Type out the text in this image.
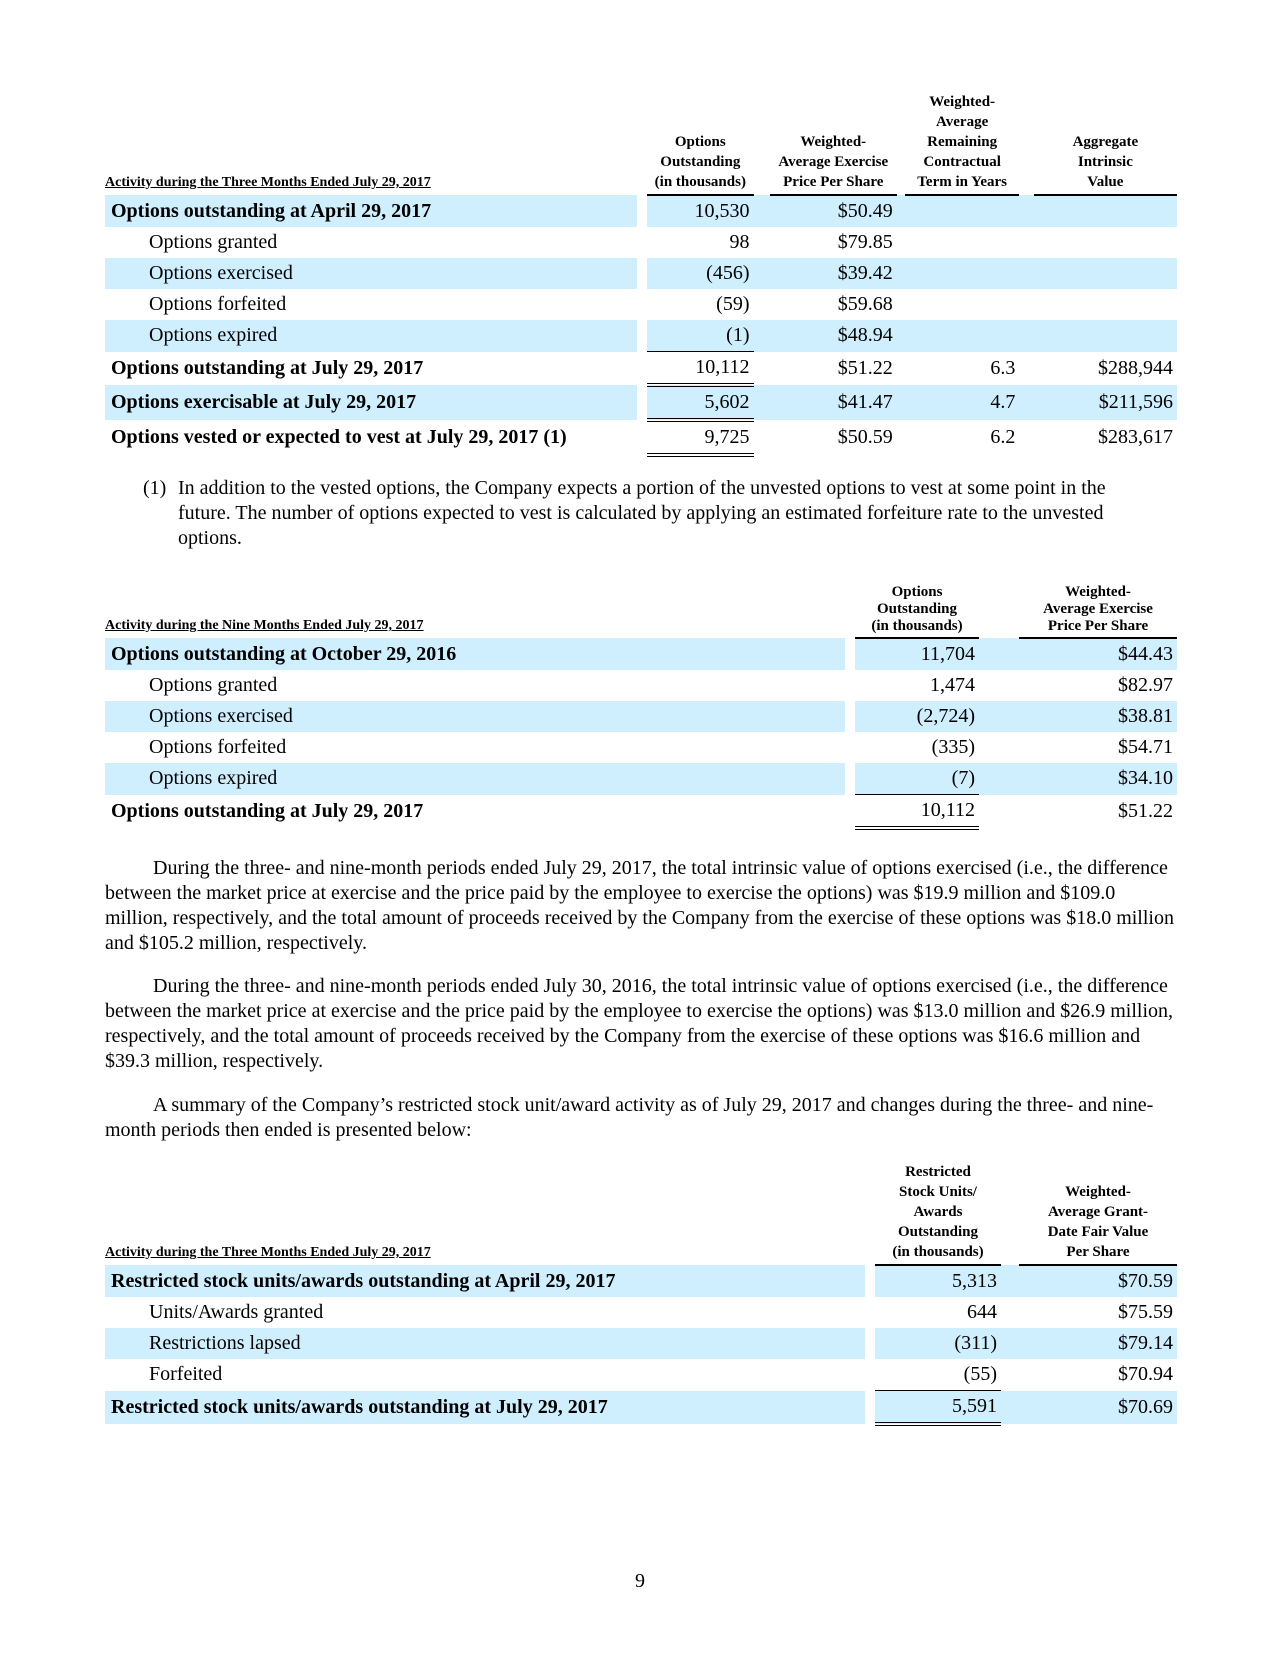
Activity during the Three Months Ended July 29, 2017		Options
Outstanding
(in thousands)		Weighted-
Average Exercise
Price Per Share		Weighted-
Average
Remaining
Contractual
Term in Years		Aggregate
Intrinsic
Value
Options outstanding at April 29, 2017		10,530		$50.49				
Options granted		98		$79.85				
Options exercised		(456)		$39.42				
Options forfeited		(59)		$59.68				
Options expired		(1)		$48.94				
Options outstanding at July 29, 2017		10,112		$51.22		6.3		$288,944
Options exercisable at July 29, 2017		5,602		$41.47		4.7		$211,596
Options vested or expected to vest at July 29, 2017 (1)		9,725		$50.59		6.2		$283,617
(1) In addition to the vested options, the Company expects a portion of the unvested options to vest at some point in the future. The number of options expected to vest is calculated by applying an estimated forfeiture rate to the unvested options.
Activity during the Nine Months Ended July 29, 2017		Options
Outstanding
(in thousands)		Weighted-
Average Exercise
Price Per Share
Options outstanding at October 29, 2016		11,704		$44.43
Options granted		1,474		$82.97
Options exercised		(2,724)		$38.81
Options forfeited		(335)		$54.71
Options expired		(7)		$34.10
Options outstanding at July 29, 2017		10,112		$51.22

During the three- and nine-month periods ended July 29, 2017, the total intrinsic value of options exercised (i.e., the difference between the market price at exercise and the price paid by the employee to exercise the options) was $19.9 million and $109.0 million, respectively, and the total amount of proceeds received by the Company from the exercise of these options was $18.0 million and $105.2 million, respectively.

During the three- and nine-month periods ended July 30, 2016, the total intrinsic value of options exercised (i.e., the difference between the market price at exercise and the price paid by the employee to exercise the options) was $13.0 million and $26.9 million, respectively, and the total amount of proceeds received by the Company from the exercise of these options was $16.6 million and $39.3 million, respectively.

A summary of the Company’s restricted stock unit/award activity as of July 29, 2017 and changes during the three- and nine-month periods then ended is presented below:

Activity during the Three Months Ended July 29, 2017		Restricted
Stock Units/
Awards
Outstanding
(in thousands)		Weighted-
Average Grant-
Date Fair Value
Per Share
Restricted stock units/awards outstanding at April 29, 2017		5,313		$70.59
Units/Awards granted		644		$75.59
Restrictions lapsed		(311)		$79.14
Forfeited		(55)		$70.94
Restricted stock units/awards outstanding at July 29, 2017		5,591		$70.69
9
